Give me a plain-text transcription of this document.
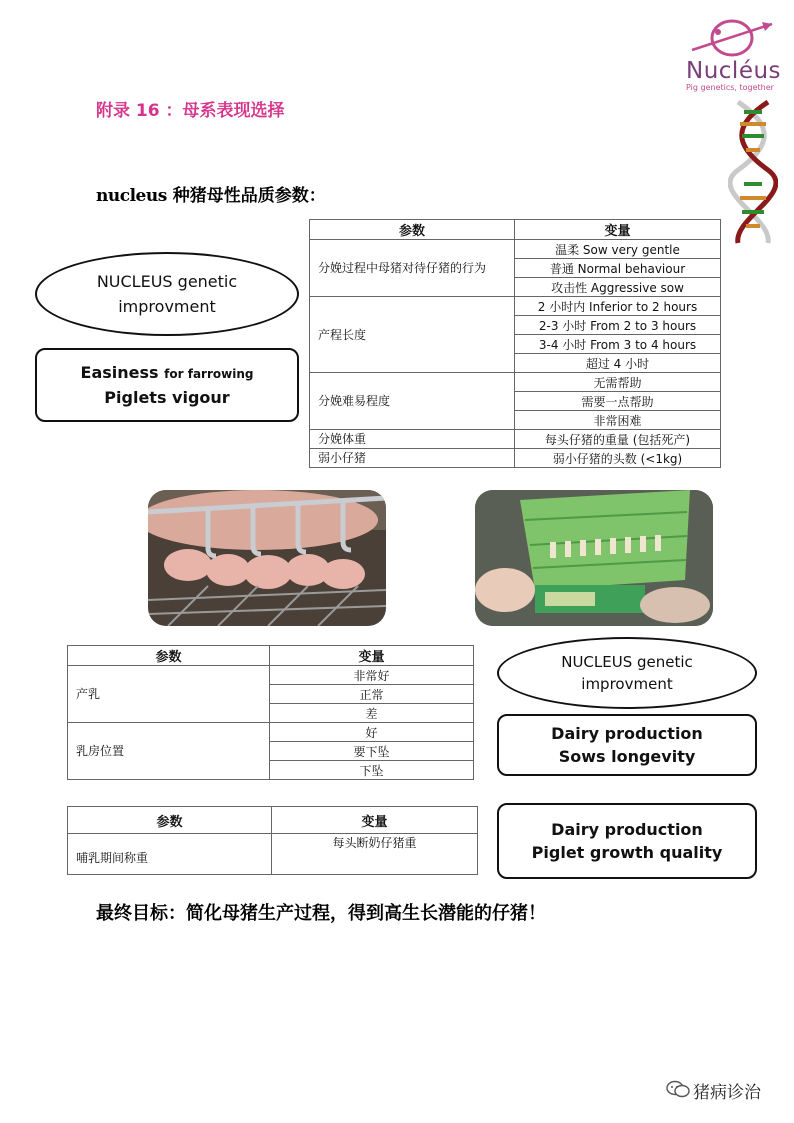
Nucléus
Pig genetics, together
附录 16 ：母系表现选择
nucleus 种猪母性品质参数：
参数	变量
分娩过程中母猪对待仔猪的行为	温柔 Sow very gentle
	普通 Normal behaviour
	攻击性 Aggressive sow
产程长度	2 小时内 Inferior to 2 hours
	2-3 小时 From 2 to 3 hours
	3-4 小时 From 3 to 4 hours
	超过 4 小时
分娩难易程度	无需帮助
	需要一点帮助
	非常困难
分娩体重	每头仔猪的重量 (包括死产)
弱小仔猪	弱小仔猪的头数 (<1kg)
NUCLEUS genetic
improvment
Easiness for farrowing
Piglets vigour
参数	变量
产乳	非常好
	正常
	差
乳房位置	好
	要下坠
	下坠
NUCLEUS genetic
improvment
Dairy production
Sows longevity
参数	变量
哺乳期间称重	每头断奶仔猪重
Dairy production
Piglet growth quality
最终目标：简化母猪生产过程，得到高生长潜能的仔猪！
猪病诊治
